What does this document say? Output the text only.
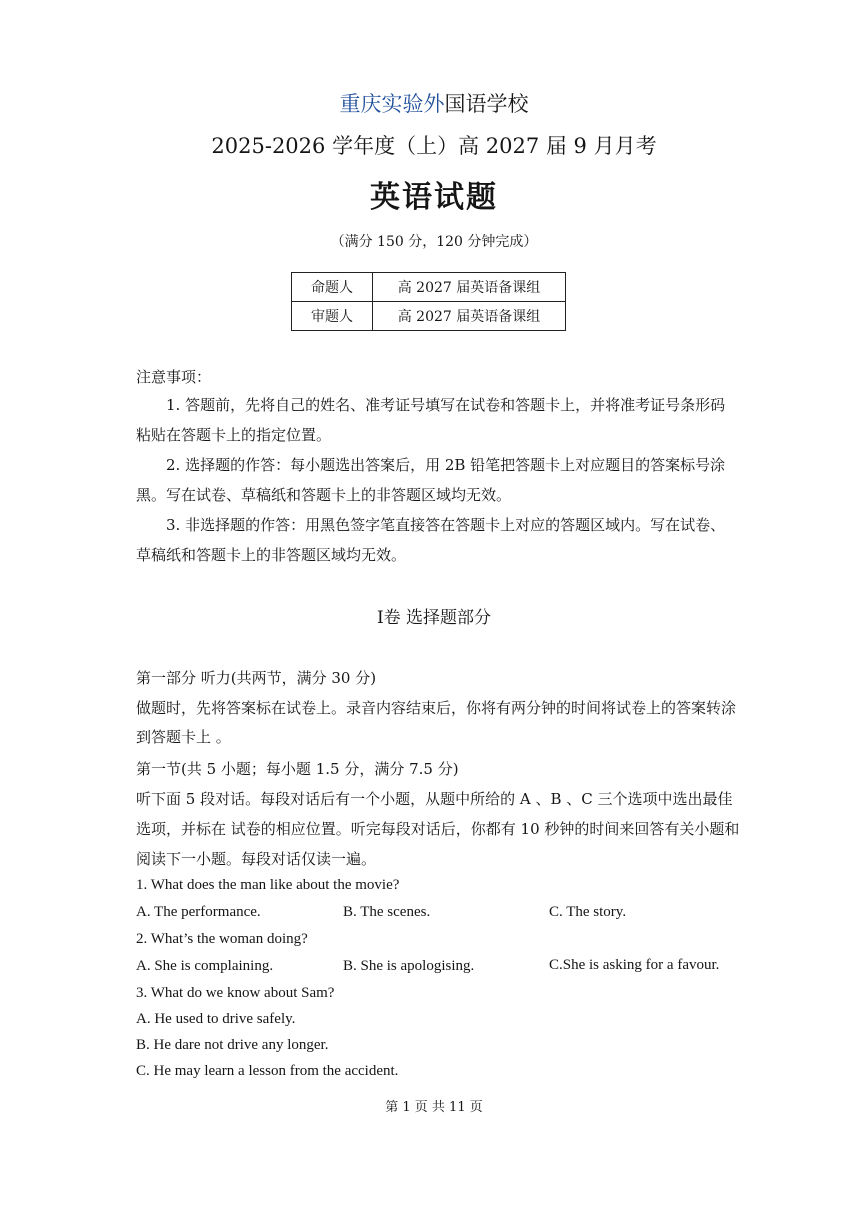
重庆实验外国语学校
2025-2026 学年度（上）高 2027 届 9 月月考
英语试题
（满分 150 分，120 分钟完成）
命题人	高 2027 届英语备课组
审题人	高 2027 届英语备课组
注意事项：
1. 答题前，先将自己的姓名、准考证号填写在试卷和答题卡上，并将准考证号条形码粘贴在答题卡上的指定位置。
2. 选择题的作答：每小题选出答案后，用 2B 铅笔把答题卡上对应题目的答案标号涂黑。写在试卷、草稿纸和答题卡上的非答题区域均无效。
3. 非选择题的作答：用黑色签字笔直接答在答题卡上对应的答题区域内。写在试卷、草稿纸和答题卡上的非答题区域均无效。
Ⅰ卷 选择题部分
第一部分 听力(共两节，满分 30 分)
做题时，先将答案标在试卷上。录音内容结束后，你将有两分钟的时间将试卷上的答案转涂
到答题卡上 。
第一节(共 5 小题；每小题 1.5 分，满分 7.5 分)
听下面 5 段对话。每段对话后有一个小题，从题中所给的 A 、B 、C 三个选项中选出最佳
选项，并标在 试卷的相应位置。听完每段对话后，你都有 10 秒钟的时间来回答有关小题和
阅读下一小题。每段对话仅读一遍。
1. What does the man like about the movie?
A. The performance.	B. The scenes.	C. The story.
2. What’s the woman doing?
A. She is complaining.	B. She is apologising.	C.She is asking for a favour.
3. What do we know about Sam?
A. He used to drive safely.
B. He dare not drive any longer.
C. He may learn a lesson from the accident.
第 1 页 共 11 页
